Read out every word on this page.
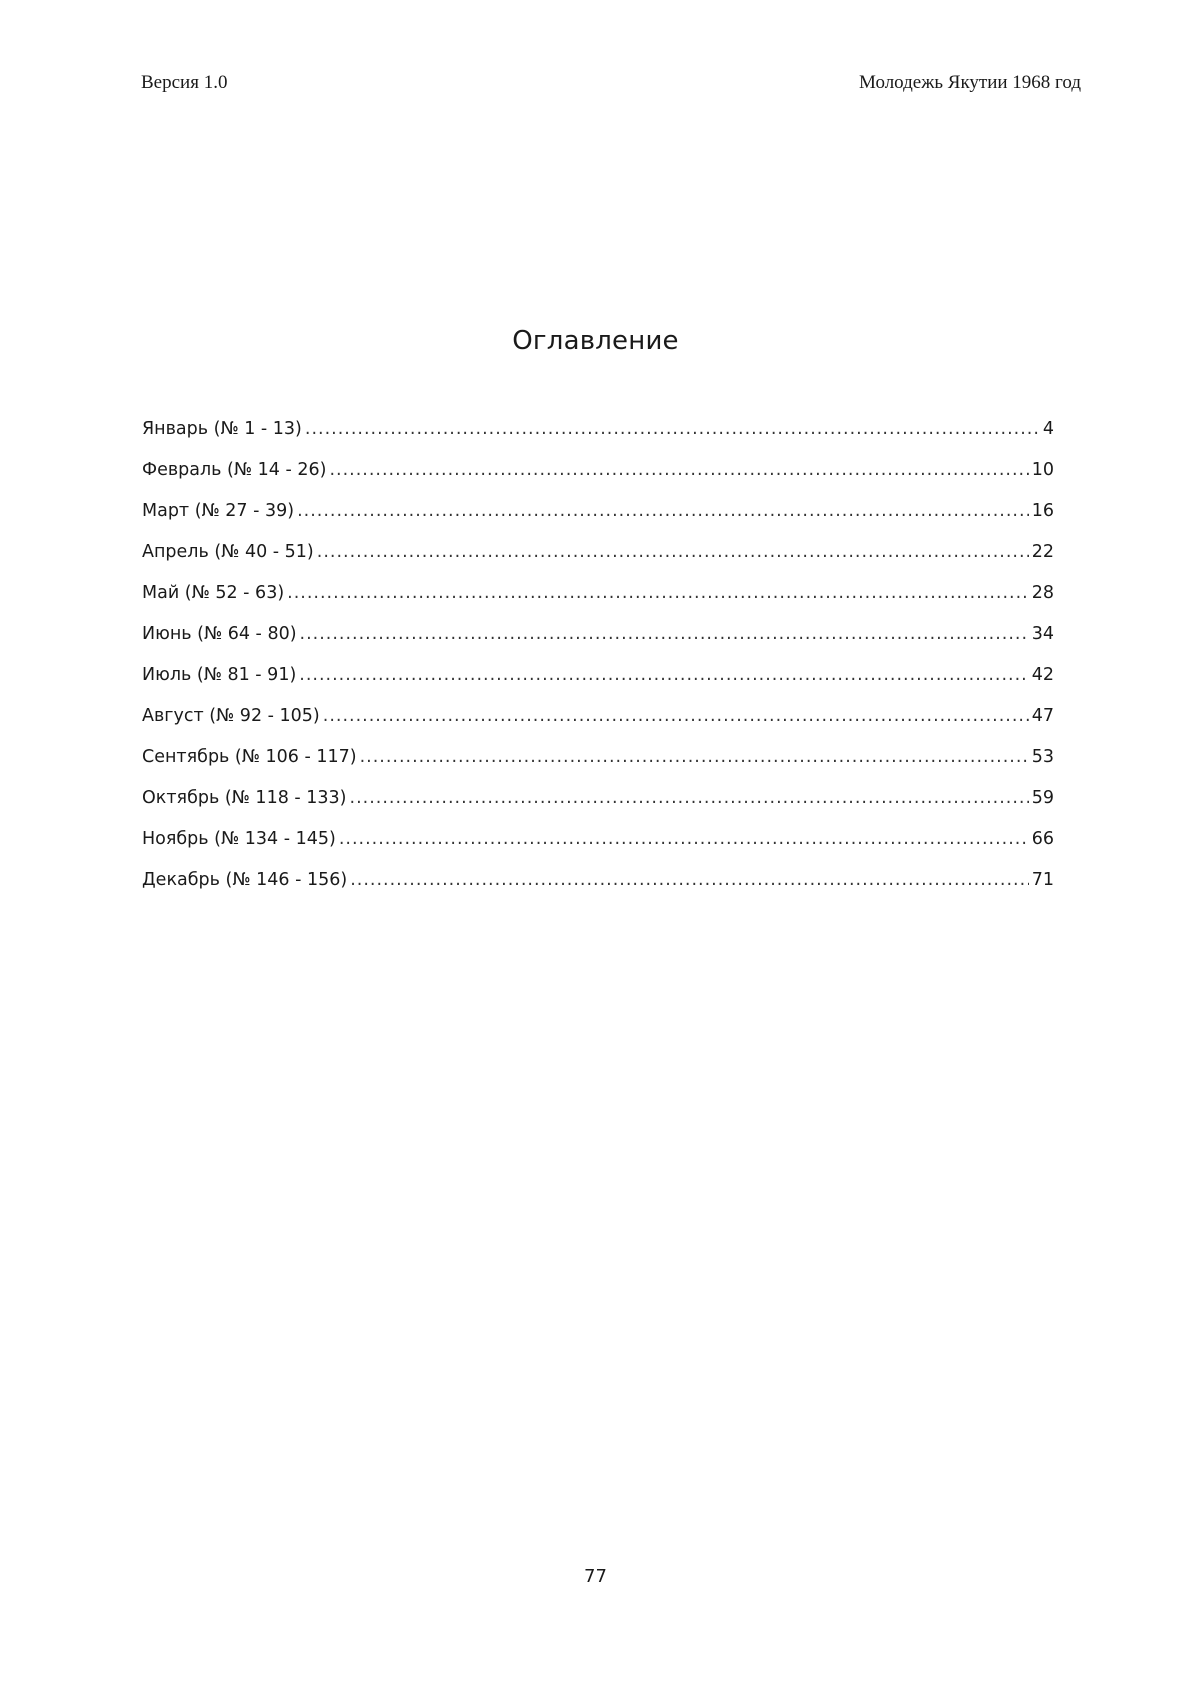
Версия 1.0	Молодежь Якутии 1968 год
Оглавление
Январь (№ 1 - 13) .....	4
Февраль (№ 14 - 26) .....	10
Март (№ 27 - 39) .....	16
Апрель (№ 40 - 51) .....	22
Май (№ 52 - 63) .....	28
Июнь (№ 64 - 80) .....	34
Июль (№ 81 - 91) .....	42
Август (№ 92 - 105) .....	47
Сентябрь (№ 106 - 117) .....	53
Октябрь (№ 118 - 133) .....	59
Ноябрь (№ 134 - 145) .....	66
Декабрь (№ 146 - 156) .....	71
77
